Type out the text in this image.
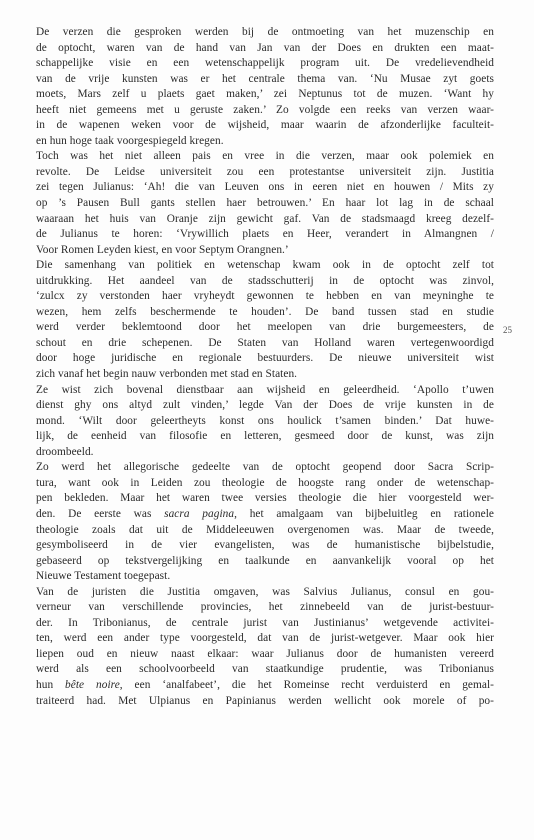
De verzen die gesproken werden bij de ontmoeting van het muzenschip en
de optocht, waren van de hand van Jan van der Does en drukten een maat-
schappelijke visie en een wetenschappelijk program uit. De vredelievendheid
van de vrije kunsten was er het centrale thema van. ‘Nu Musae zyt goets
moets, Mars zelf u plaets gaet maken,’ zei Neptunus tot de muzen. ‘Want hy
heeft niet gemeens met u geruste zaken.’ Zo volgde een reeks van verzen waar-
in de wapenen weken voor de wijsheid, maar waarin de afzonderlijke faculteit-
en hun hoge taak voorgespiegeld kregen.

Toch was het niet alleen pais en vree in die verzen, maar ook polemiek en
revolte. De Leidse universiteit zou een protestantse universiteit zijn. Justitia
zei tegen Julianus: ‘Ah! die van Leuven ons in eeren niet en houwen / Mits zy
op ’s Pausen Bull gants stellen haer betrouwen.’ En haar lot lag in de schaal
waaraan het huis van Oranje zijn gewicht gaf. Van de stadsmaagd kreeg dezelf-
de Julianus te horen: ‘Vrywillich plaets en Heer, verandert in Almangnen /
Voor Romen Leyden kiest, en voor Septym Orangnen.’

Die samenhang van politiek en wetenschap kwam ook in de optocht zelf tot
uitdrukking. Het aandeel van de stadsschutterij in de optocht was zinvol,
‘zulcx zy verstonden haer vryheydt gewonnen te hebben en van meyninghe te
wezen, hem zelfs beschermende te houden’. De band tussen stad en studie
werd verder beklemtoond door het meelopen van drie burgemeesters, de
schout en drie schepenen. De Staten van Holland waren vertegenwoordigd
door hoge juridische en regionale bestuurders. De nieuwe universiteit wist
zich vanaf het begin nauw verbonden met stad en Staten.

Ze wist zich bovenal dienstbaar aan wijsheid en geleerdheid. ‘Apollo t’uwen
dienst ghy ons altyd zult vinden,’ legde Van der Does de vrije kunsten in de
mond. ‘Wilt door geleertheyts konst ons houlick t’samen binden.’ Dat huwe-
lijk, de eenheid van filosofie en letteren, gesmeed door de kunst, was zijn
droombeeld.

Zo werd het allegorische gedeelte van de optocht geopend door Sacra Scrip-
tura, want ook in Leiden zou theologie de hoogste rang onder de wetenschap-
pen bekleden. Maar het waren twee versies theologie die hier voorgesteld wer-
den. De eerste was sacra pagina, het amalgaam van bijbeluitleg en rationele
theologie zoals dat uit de Middeleeuwen overgenomen was. Maar de tweede,
gesymboliseerd in de vier evangelisten, was de humanistische bijbelstudie,
gebaseerd op tekstvergelijking en taalkunde en aanvankelijk vooral op het
Nieuwe Testament toegepast.

Van de juristen die Justitia omgaven, was Salvius Julianus, consul en gou-
verneur van verschillende provincies, het zinnebeeld van de jurist-bestuur-
der. In Tribonianus, de centrale jurist van Justinianus’ wetgevende activitei-
ten, werd een ander type voorgesteld, dat van de jurist-wetgever. Maar ook hier
liepen oud en nieuw naast elkaar: waar Julianus door de humanisten vereerd
werd als een schoolvoorbeeld van staatkundige prudentie, was Tribonianus
hun bête noire, een ‘analfabeet’, die het Romeinse recht verduisterd en gemal-
traiteerd had. Met Ulpianus en Papinianus werden wellicht ook morele of po-

25
